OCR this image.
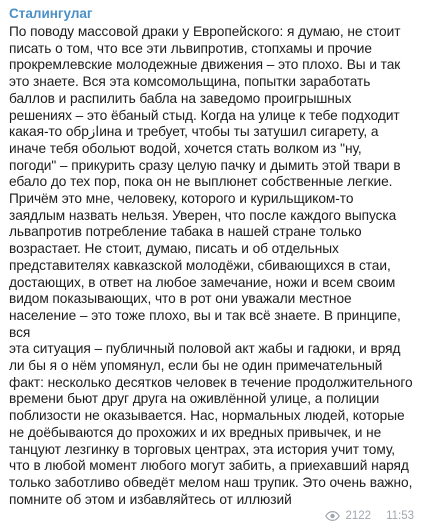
Сталингулаг

По поводу массовой драки у Европейского: я думаю, не стоит
писать о том, что все эти львипротив, стопхамы и прочие
прокремлевские молодежные движения – это плохо. Вы и так
это знаете. Вся эта комсомольщина, попытки заработать
баллов и распилить бабла на заведомо проигрышных
решениях – это ёбаный стыд. Когда на улице к тебе подходит
какая-то обрازина и требует, чтобы ты затушил сигарету, а
иначе тебя обольют водой, хочется стать волком из "ну,
погоди" – прикурить сразу целую пачку и дымить этой твари в
ебало до тех пор, пока он не выплюнет собственные легкие.
Причём это мне, человеку, которого и курильщиком-то
заядлым назвать нельзя. Уверен, что после каждого выпуска
львапротив потребление табака в нашей стране только
возрастает. Не стоит, думаю, писать и об отдельных
представителях кавказской молодёжи, сбивающихся в стаи,
достающих, в ответ на любое замечание, ножи и всем своим
видом показывающих, что в рот они уважали местное
население – это тоже плохо, вы и так всё знаете. В принципе, вся
эта ситуация – публичный половой акт жабы и гадюки, и вряд
ли бы я о нём упомянул, если бы не один примечательный
факт: несколько десятков человек в течение продолжительного
времени бьют друг друга на оживлённой улице, а полиции
поблизости не оказывается. Нас, нормальных людей, которые
не доёбываются до прохожих и их вредных привычек, и не
танцуют лезгинку в торговых центрах, эта история учит тому,
что в любой момент любого могут забить, а приехавший наряд
только заботливо обведёт мелом наш трупик. Это очень важно,
помните об этом и избавляйтесь от иллюзий

2122 11:53
